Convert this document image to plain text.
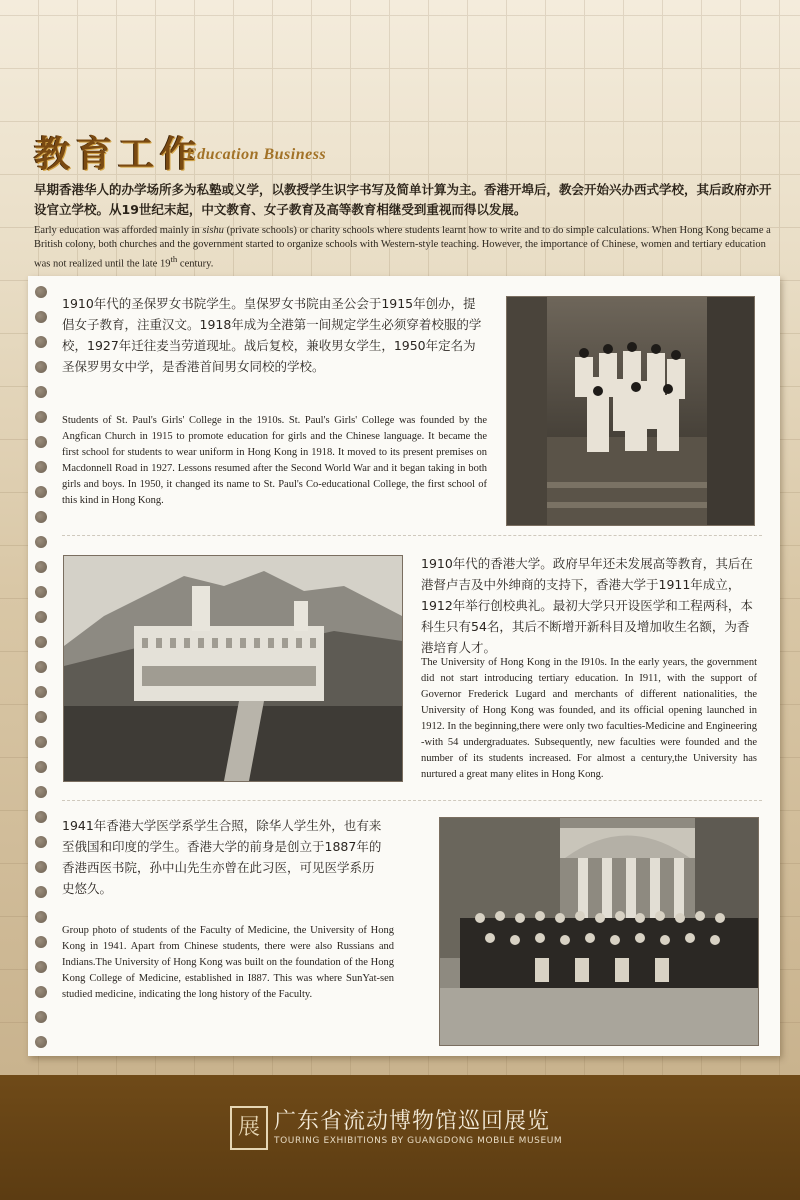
教育工作
Education Business
早期香港华人的办学场所多为私塾或义学，以教授学生识字书写及简单计算为主。香港开埠后，教会开始兴办西式学校，其后政府亦开设官立学校。从19世纪末起，中文教育、女子教育及高等教育相继受到重视而得以发展。
Early education was afforded mainly in sishu (private schools) or charity schools where students learnt how to write and to do simple calculations. When Hong Kong became a British colony, both churches and the government started to organize schools with Western-style teaching. However, the importance of Chinese, women and tertiary education was not realized until the late 19th century.
1910年代的圣保罗女书院学生。皇保罗女书院由圣公会于1915年创办，提倡女子教育，注重汉文。1918年成为全港第一间规定学生必须穿着校服的学校，1927年迁往麦当劳道现址。战后复校，兼收男女学生，1950年定名为圣保罗男女中学，是香港首间男女同校的学校。
Students of St. Paul's Girls' College in the 1910s. St. Paul's Girls' College was founded by the Angfican Church in 1915 to promote education for girls and the Chinese language. It became the first school for students to wear uniform in Hong Kong in 1918. It moved to its present premises on Macdonnell Road in 1927. Lessons resumed after the Second World War and it began taking in both girls and boys. In 1950, it changed its name to St. Paul's Co-educational College, the first school of this kind in Hong Kong.
1910年代的香港大学。政府早年还未发展高等教育，其后在港督卢吉及中外绅商的支持下，香港大学于1911年成立，1912年举行创校典礼。最初大学只开设医学和工程两科，本科生只有54名，其后不断增开新科目及增加收生名额，为香港培育人才。
The University of Hong Kong in the I910s. In the early years, the government did not start introducing tertiary education. In I911, with the support of Governor Frederick Lugard and merchants of different nationalities, the University of Hong Kong was founded, and its official opening launched in 1912. In the beginning,there were only two faculties-Medicine and Engineering -with 54 undergraduates. Subsequently, new faculties were founded and the number of its students increased. For almost a century,the University has nurtured a great many elites in Hong Kong.
1941年香港大学医学系学生合照，除华人学生外，也有来至俄国和印度的学生。香港大学的前身是创立于1887年的香港西医书院，孙中山先生亦曾在此习医，可见医学系历史悠久。
Group photo of students of the Faculty of Medicine, the University of Hong Kong in 1941. Apart from Chinese students, there were also Russians and Indians.The University of Hong Kong was built on the foundation of the Hong Kong College of Medicine, established in I887. This was where SunYat-sen studied medicine, indicating the long history of the Faculty.
展 广东省流动博物馆巡回展览
TOURING EXHIBITIONS BY GUANGDONG MOBILE MUSEUM
